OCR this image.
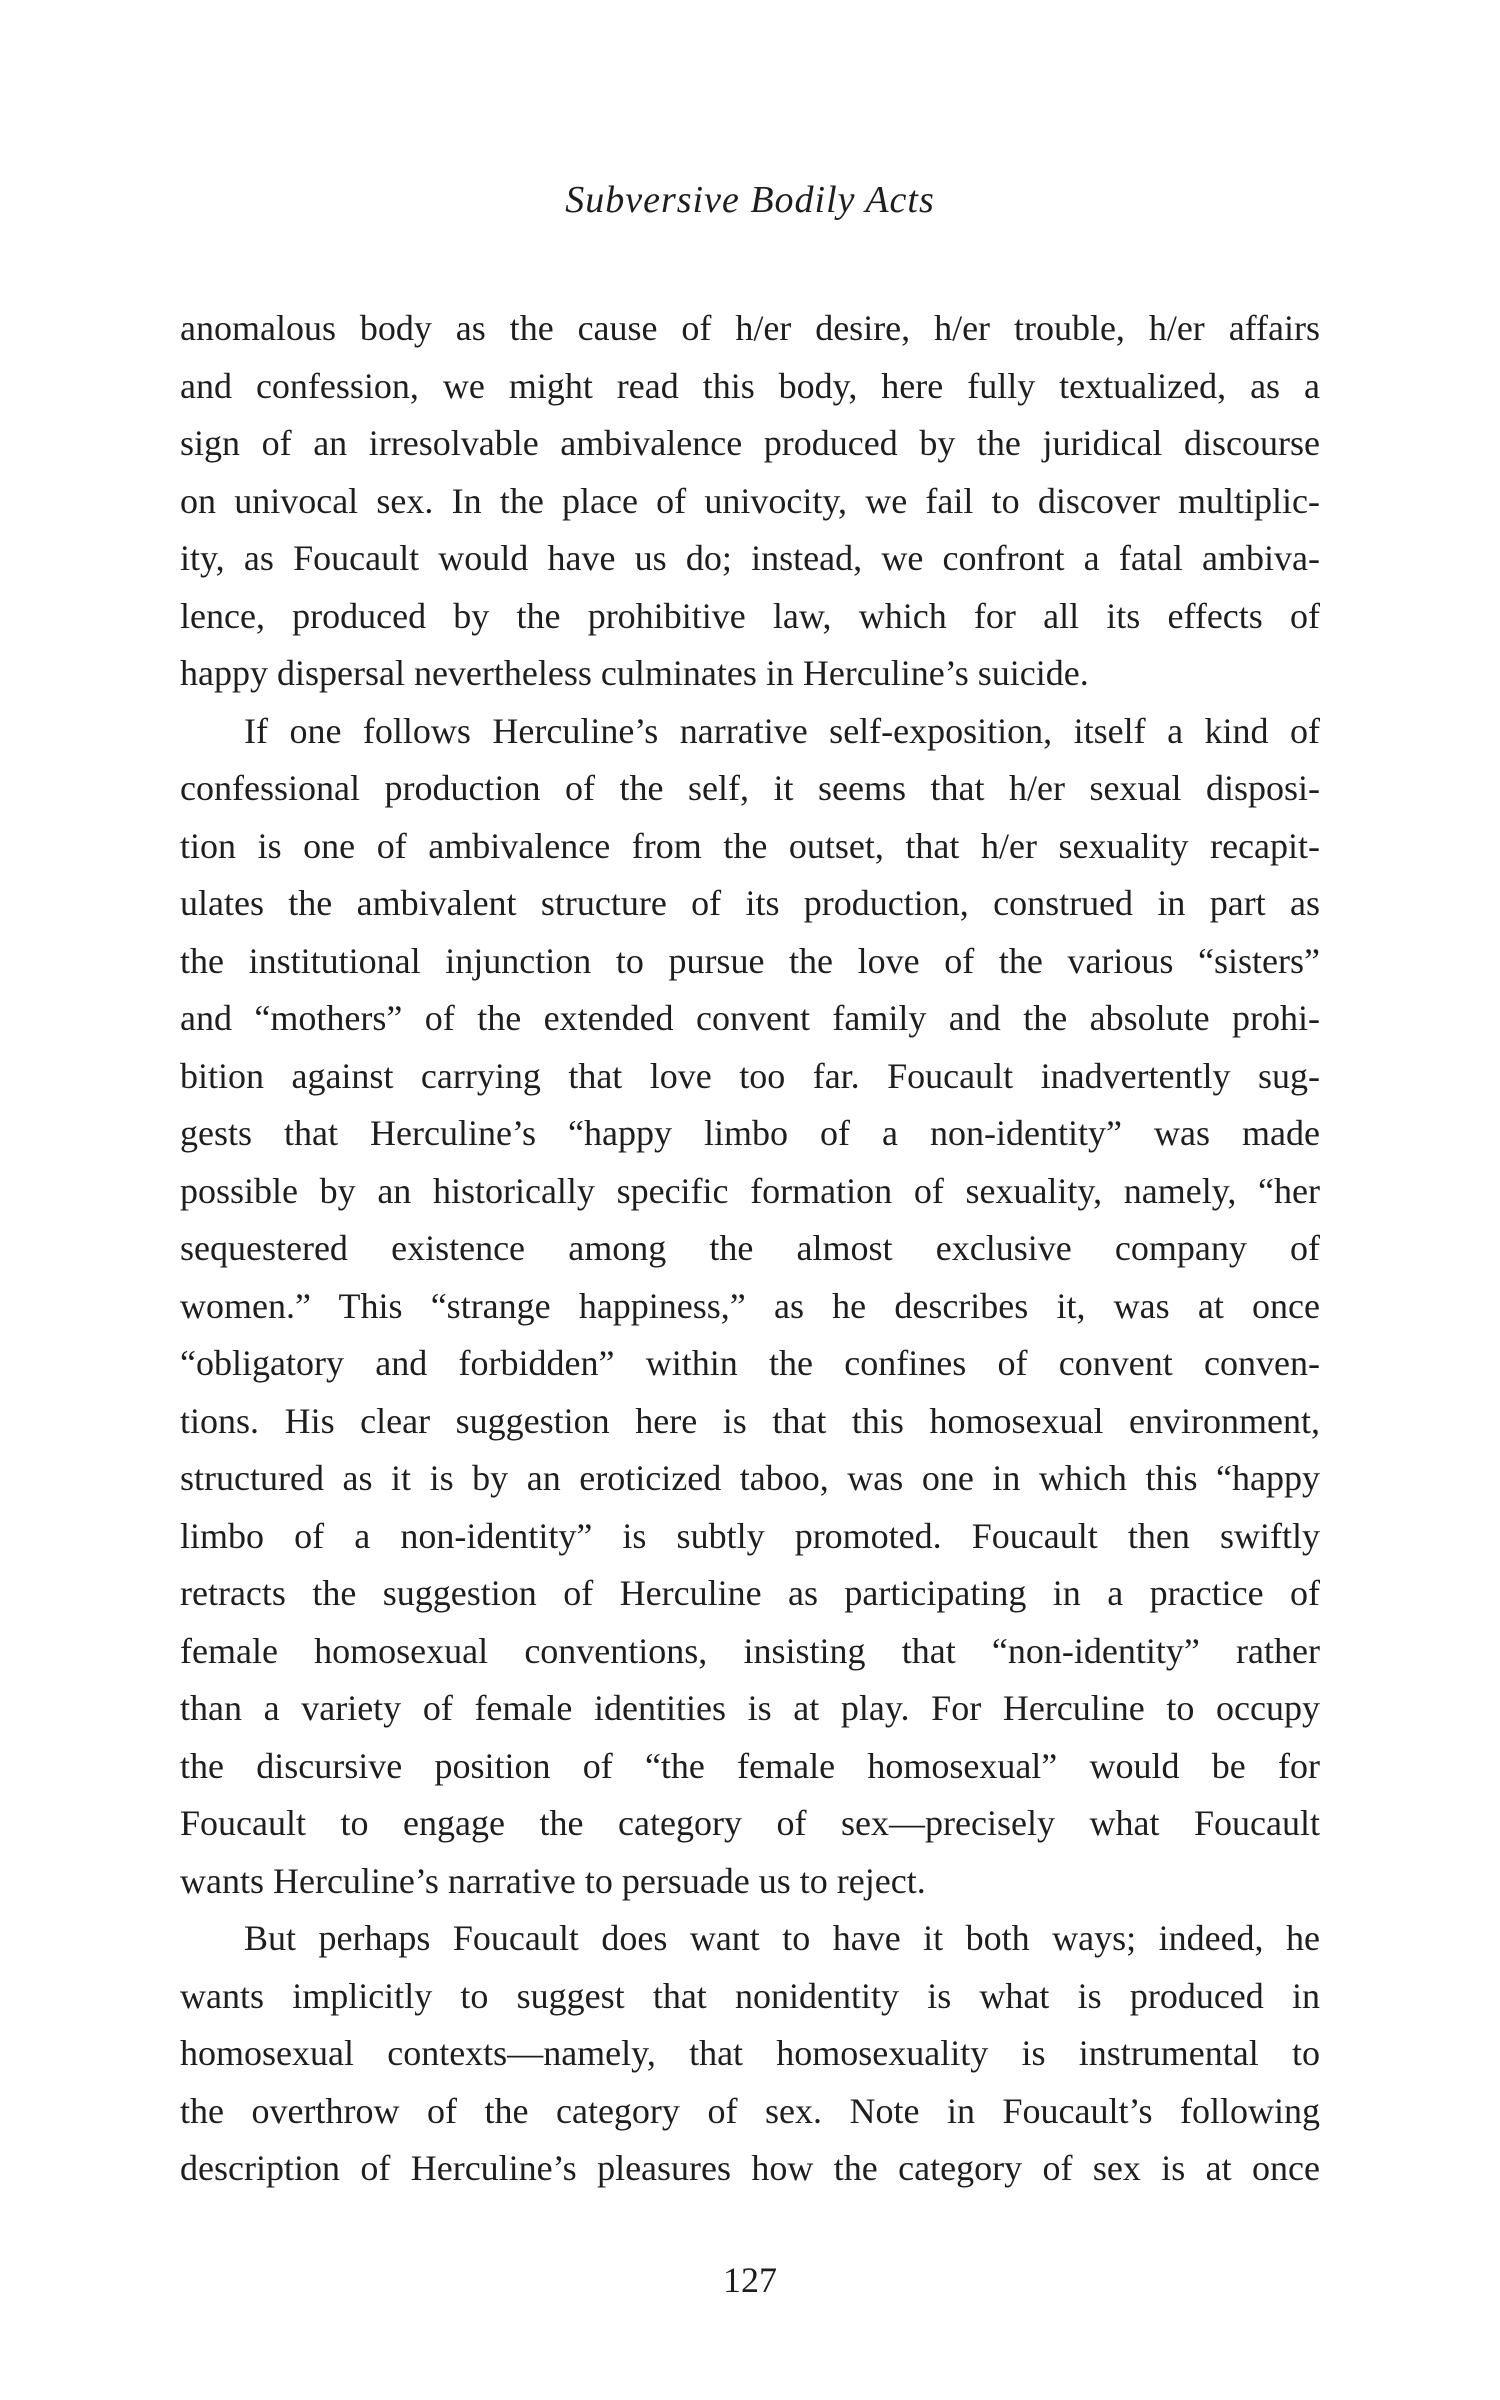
Subversive Bodily Acts
anomalous body as the cause of h/er desire, h/er trouble, h/er affairs
and confession, we might read this body, here fully textualized, as a
sign of an irresolvable ambivalence produced by the juridical discourse
on univocal sex. In the place of univocity, we fail to discover multiplic-
ity, as Foucault would have us do; instead, we confront a fatal ambiva-
lence, produced by the prohibitive law, which for all its effects of
happy dispersal nevertheless culminates in Herculine’s suicide.
If one follows Herculine’s narrative self-exposition, itself a kind of
confessional production of the self, it seems that h/er sexual disposi-
tion is one of ambivalence from the outset, that h/er sexuality recapit-
ulates the ambivalent structure of its production, construed in part as
the institutional injunction to pursue the love of the various “sisters”
and “mothers” of the extended convent family and the absolute prohi-
bition against carrying that love too far. Foucault inadvertently sug-
gests that Herculine’s “happy limbo of a non-identity” was made
possible by an historically specific formation of sexuality, namely, “her
sequestered existence among the almost exclusive company of
women.” This “strange happiness,” as he describes it, was at once
“obligatory and forbidden” within the confines of convent conven-
tions. His clear suggestion here is that this homosexual environment,
structured as it is by an eroticized taboo, was one in which this “happy
limbo of a non-identity” is subtly promoted. Foucault then swiftly
retracts the suggestion of Herculine as participating in a practice of
female homosexual conventions, insisting that “non-identity” rather
than a variety of female identities is at play. For Herculine to occupy
the discursive position of “the female homosexual” would be for
Foucault to engage the category of sex—precisely what Foucault
wants Herculine’s narrative to persuade us to reject.
But perhaps Foucault does want to have it both ways; indeed, he
wants implicitly to suggest that nonidentity is what is produced in
homosexual contexts—namely, that homosexuality is instrumental to
the overthrow of the category of sex. Note in Foucault’s following
description of Herculine’s pleasures how the category of sex is at once
127
